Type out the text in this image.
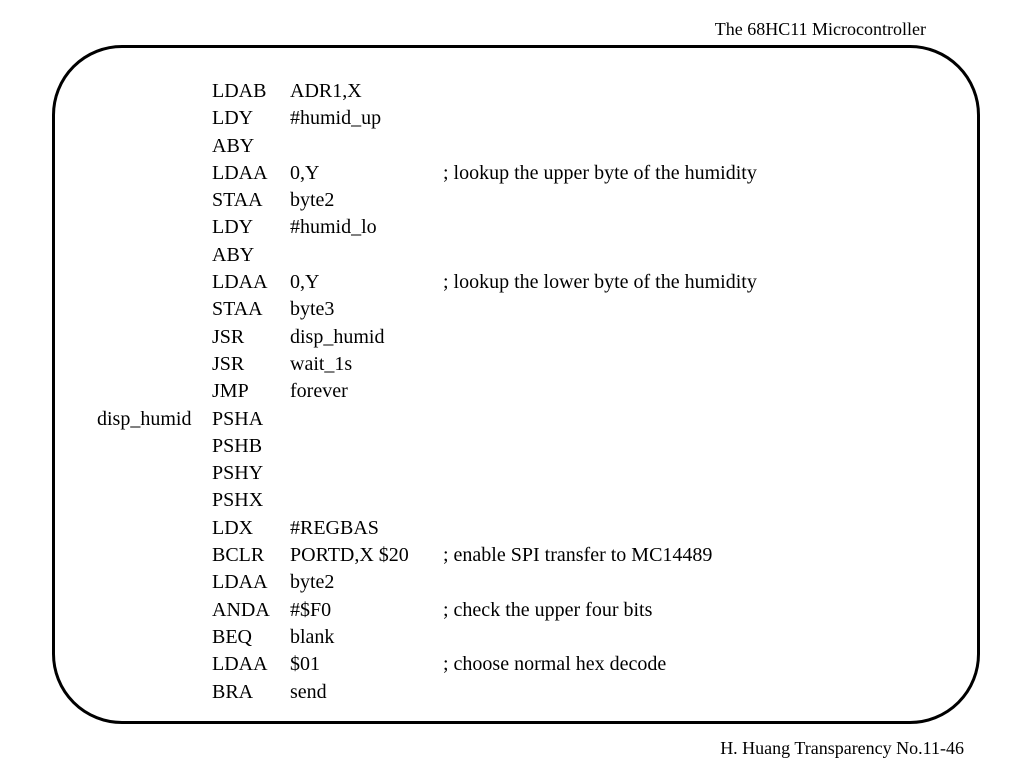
The 68HC11 Microcontroller
LDAB ADR1,X
LDY #humid_up
ABY
LDAA 0,Y	; lookup the upper byte of the humidity
STAA byte2
LDY #humid_lo
ABY
LDAA 0,Y	; lookup the lower byte of the humidity
STAA byte3
JSR disp_humid
JSR wait_1s
JMP forever
disp_humid PSHA
PSHB
PSHY
PSHX
LDX #REGBAS
BCLR PORTD,X $20 ; enable SPI transfer to MC14489
LDAA byte2
ANDA #$F0	; check the upper four bits
BEQ blank
LDAA $01	; choose normal hex decode
BRA send
H. Huang Transparency No.11-46
